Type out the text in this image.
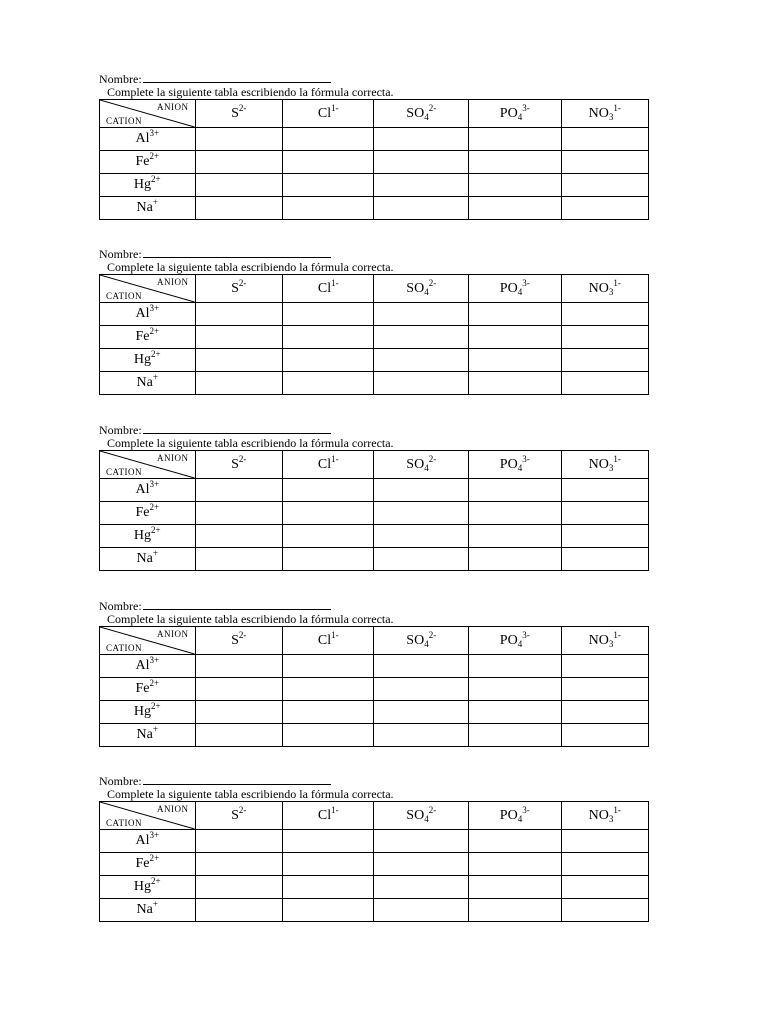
Nombre:
Complete la siguiente tabla escribiendo la fórmula correcta.
ANION
CATION	$S^{2-}$	$Cl^{1-}$	$SO_4^{2-}$	$PO_4^{3-}$	$NO_3^{1-}$
$Al^{3+}$					
$Fe^{2+}$					
$Hg^{2+}$					
Na+					
Nombre:
Complete la siguiente tabla escribiendo la fórmula correcta.
ANION
CATION	$S^{2-}$	$Cl^{1-}$	$SO_4^{2-}$	$PO_4^{3-}$	$NO_3^{1-}$
$Al^{3+}$					
$Fe^{2+}$					
$Hg^{2+}$					
Na+					
Nombre:
Complete la siguiente tabla escribiendo la fórmula correcta.
ANION
CATION	$S^{2-}$	$Cl^{1-}$	$SO_4^{2-}$	$PO_4^{3-}$	$NO_3^{1-}$
$Al^{3+}$					
$Fe^{2+}$					
$Hg^{2+}$					
Na+					
Nombre:
Complete la siguiente tabla escribiendo la fórmula correcta.
ANION
CATION	$S^{2-}$	$Cl^{1-}$	$SO_4^{2-}$	$PO_4^{3-}$	$NO_3^{1-}$
$Al^{3+}$					
$Fe^{2+}$					
$Hg^{2+}$					
Na+					
Nombre:
Complete la siguiente tabla escribiendo la fórmula correcta.
ANION
CATION	$S^{2-}$	$Cl^{1-}$	$SO_4^{2-}$	$PO_4^{3-}$	$NO_3^{1-}$
$Al^{3+}$					
$Fe^{2+}$					
$Hg^{2+}$					
Na+					
